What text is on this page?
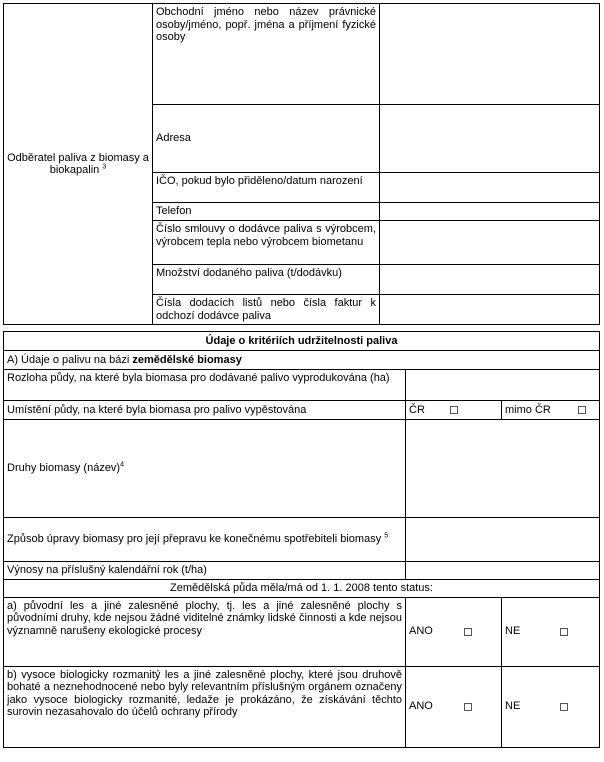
Odběratel paliva z biomasy a biokapalin $^3$	Obchodní jméno nebo název právnické osoby/jméno, popř. jména a příjmení fyzické osoby	
	Adresa	
	IČO, pokud bylo přiděleno/datum narození	
	Telefon	
	Číslo smlouvy o dodávce paliva s výrobcem, výrobcem tepla nebo výrobcem biometanu	
	Množství dodaného paliva (t/dodávku)	
	Čísla dodacích listů nebo čísla faktur k odchozí dodávce paliva	
Údaje o kritériích udržitelnosti paliva		
A) Údaje o palivu na bázi zemědělské biomasy		
Rozloha půdy, na které byla biomasa pro dodávané palivo vyprodukována (ha)		
Umístění půdy, na které byla biomasa pro palivo vypěstována	ČR	mimo ČR

Druhy biomasy (název)$^4$	
Způsob úpravy biomasy pro její přepravu ke konečnému spotřebiteli biomasy $^5$	
Výnosy na příslušný kalendářní rok (t/ha)		
Zemědělská půda měla/má od 1. 1. 2008 tento status:		
a) původní les a jiné zalesněné plochy, tj. les a jiné zalesněné plochy s původními druhy, kde nejsou žádné viditelné známky lidské činnosti a kde nejsou významně narušeny ekologické procesy	ANO	NE

b) vysoce biologicky rozmanitý les a jiné zalesněné plochy, které jsou druhově bohaté a neznehodnocené nebo byly relevantním příslušným orgánem označeny jako vysoce biologicky rozmanité, ledaže je prokázáno, že získávání těchto surovin nezasahovalo do účelů ochrany přírody	ANO	NE
